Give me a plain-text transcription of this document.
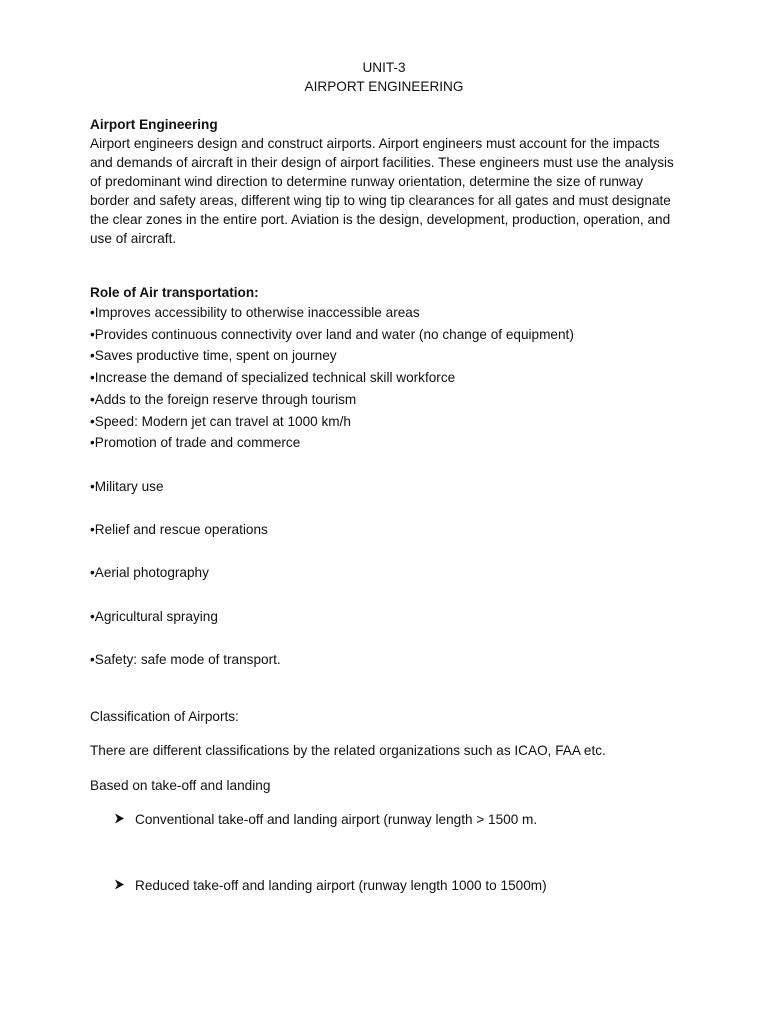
UNIT-3
AIRPORT ENGINEERING
Airport Engineering

Airport engineers design and construct airports. Airport engineers must account for the impacts and demands of aircraft in their design of airport facilities. These engineers must use the analysis of predominant wind direction to determine runway orientation, determine the size of runway border and safety areas, different wing tip to wing tip clearances for all gates and must designate the clear zones in the entire port. Aviation is the design, development, production, operation, and use of aircraft.

Role of Air transportation:
•Improves accessibility to otherwise inaccessible areas
•Provides continuous connectivity over land and water (no change of equipment)
•Saves productive time, spent on journey
•Increase the demand of specialized technical skill workforce
•Adds to the foreign reserve through tourism
•Speed: Modern jet can travel at 1000 km/h
•Promotion of trade and commerce
•Military use
•Relief and rescue operations
•Aerial photography
•Agricultural spraying
•Safety: safe mode of transport.
Classification of Airports:
There are different classifications by the related organizations such as ICAO, FAA etc.
Based on take-off and landing
Conventional take-off and landing airport (runway length > 1500 m.
Reduced take-off and landing airport (runway length 1000 to 1500m)
